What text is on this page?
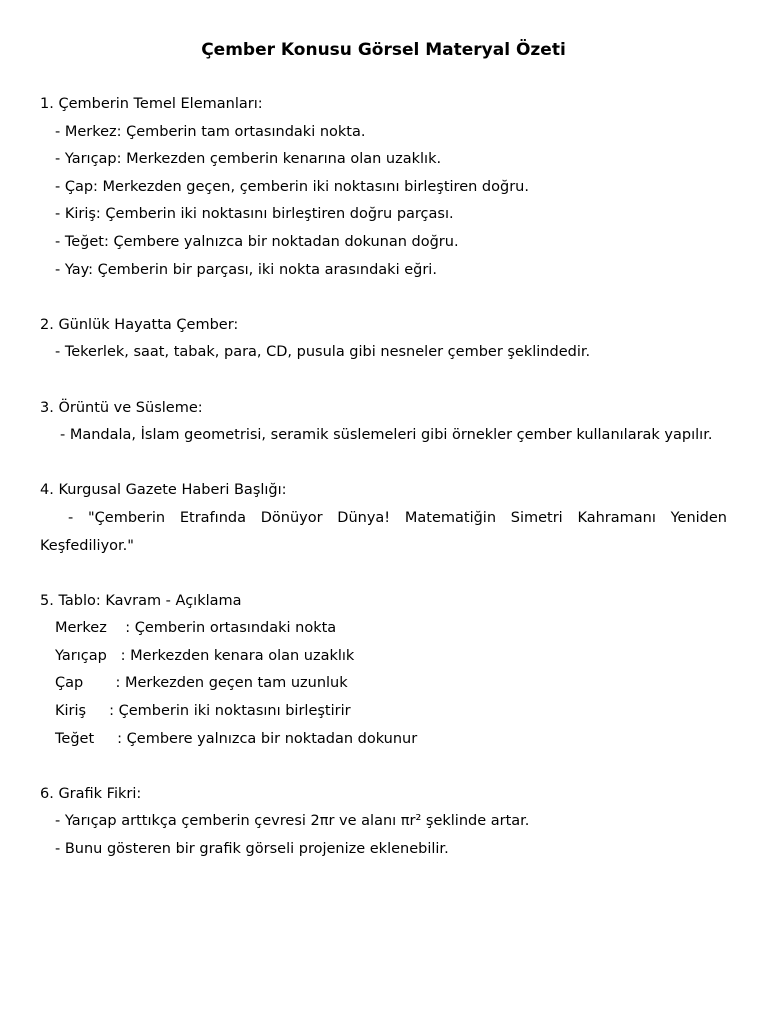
Çember Konusu Görsel Materyal Özeti
1. Çemberin Temel Elemanları:
- Merkez: Çemberin tam ortasındaki nokta.
- Yarıçap: Merkezden çemberin kenarına olan uzaklık.
- Çap: Merkezden geçen, çemberin iki noktasını birleştiren doğru.
- Kiriş: Çemberin iki noktasını birleştiren doğru parçası.
- Teğet: Çembere yalnızca bir noktadan dokunan doğru.
- Yay: Çemberin bir parçası, iki nokta arasındaki eğri.
2. Günlük Hayatta Çember:
- Tekerlek, saat, tabak, para, CD, pusula gibi nesneler çember şeklindedir.
3. Örüntü ve Süsleme:
- Mandala, İslam geometrisi, seramik süslemeleri gibi örnekler çember kullanılarak yapılır.
4. Kurgusal Gazete Haberi Başlığı:
- "Çemberin Etrafında Dönüyor Dünya! Matematiğin Simetri Kahramanı Yeniden Keşfediliyor."
5. Tablo: Kavram - Açıklama
Merkez    : Çemberin ortasındaki nokta
Yarıçap   : Merkezden kenara olan uzaklık
Çap       : Merkezden geçen tam uzunluk
Kiriş     : Çemberin iki noktasını birleştirir
Teğet     : Çembere yalnızca bir noktadan dokunur
6. Grafik Fikri:
- Yarıçap arttıkça çemberin çevresi 2πr ve alanı πr² şeklinde artar.
- Bunu gösteren bir grafik görseli projenize eklenebilir.
